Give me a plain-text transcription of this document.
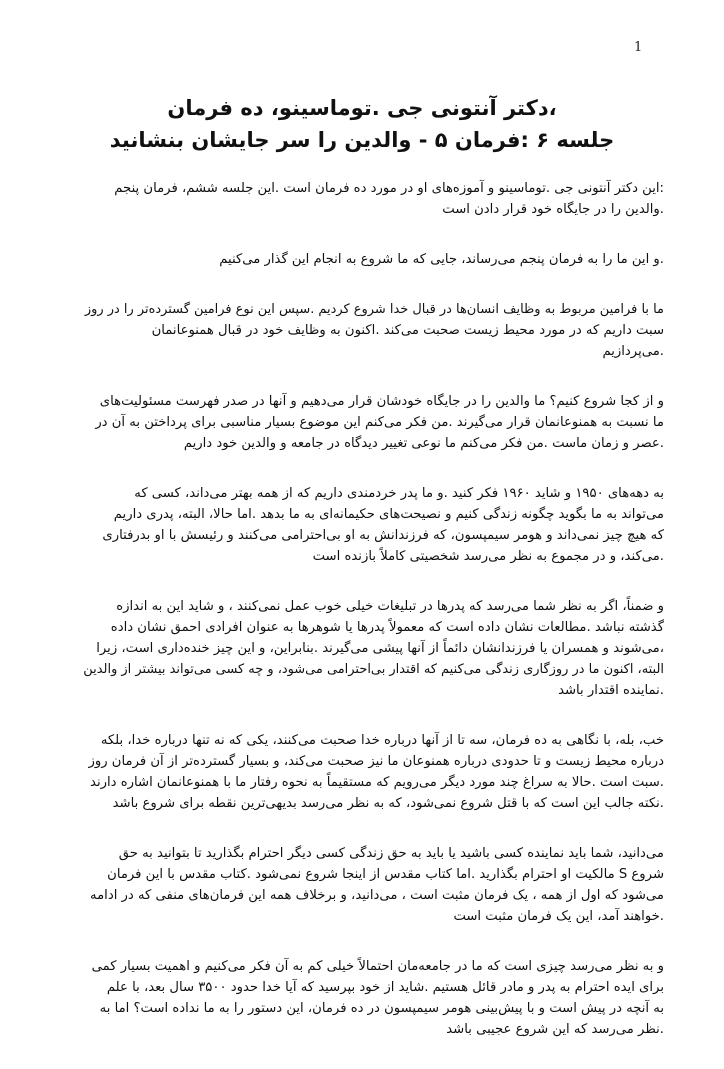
1
،دکتر آنتونی جی .توماسینو، ده فرمان
جلسه ۶ :فرمان ۵ - والدین را سر جایشان بنشانید
:این دکتر آنتونی جی .توماسینو و آموزه‌های او در مورد ده فرمان است .این جلسه ششم، فرمان پنجم
.والدین را در جایگاه خود قرار دادن است
.و این ما را به فرمان پنجم می‌رساند، جایی که ما شروع به انجام این گذار می‌کنیم
ما با فرامین مربوط به وظایف انسان‌ها در قبال خدا شروع کردیم .سپس این نوع فرامین گسترده‌تر را در روز
سبت داریم که در مورد محیط زیست صحبت می‌کند .اکنون به وظایف خود در قبال همنوعانمان
.می‌پردازیم
و از کجا شروع کنیم؟ ما والدین را در جایگاه خودشان قرار می‌دهیم و آنها در صدر فهرست مسئولیت‌های
ما نسبت به همنوعانمان قرار می‌گیرند .من فکر می‌کنم این موضوع بسیار مناسبی برای پرداختن به آن در
.عصر و زمان ماست .من فکر می‌کنم ما نوعی تغییر دیدگاه در جامعه و والدین خود داریم
به دهه‌های ۱۹۵۰ و شاید ۱۹۶۰ فکر کنید .و ما پدر خردمندی داریم که از همه بهتر می‌داند، کسی که
می‌تواند به ما بگوید چگونه زندگی کنیم و نصیحت‌های حکیمانه‌ای به ما بدهد .اما حالا، البته، پدری داریم
که هیچ چیز نمی‌داند و هومر سیمپسون، که فرزندانش به او بی‌احترامی می‌کنند و رئیسش با او بدرفتاری
.می‌کند، و در مجموع به نظر می‌رسد شخصیتی کاملاً بازنده است
و ضمناً، اگر به نظر شما می‌رسد که پدرها در تبلیغات خیلی خوب عمل نمی‌کنند ، و شاید این به اندازه
گذشته نباشد .مطالعات نشان داده است که معمولاً پدرها یا شوهرها به عنوان افرادی احمق نشان داده
،می‌شوند و همسران یا فرزندانشان دائماً از آنها پیشی می‌گیرند .بنابراین، و این چیز خنده‌داری است، زیرا
البته، اکنون ما در روزگاری زندگی می‌کنیم که اقتدار بی‌احترامی می‌شود، و چه کسی می‌تواند بیشتر از والدین
.نماینده اقتدار باشد
خب، بله، با نگاهی به ده فرمان، سه تا از آنها درباره خدا صحبت می‌کنند، یکی که نه تنها درباره خدا، بلکه
درباره محیط زیست و تا حدودی درباره همنوعان ما نیز صحبت می‌کند، و بسیار گسترده‌تر از آن فرمان روز
.سبت است .حالا به سراغ چند مورد دیگر می‌رویم که مستقیماً به نحوه رفتار ما با همنوعانمان اشاره دارند
.نکته جالب این است که با قتل شروع نمی‌شود، که به نظر می‌رسد بدیهی‌ترین نقطه برای شروع باشد
می‌دانید، شما باید نماینده کسی باشید یا باید به حق زندگی کسی دیگر احترام بگذارید تا بتوانید به حق
شروع S مالکیت او احترام بگذارید .اما کتاب مقدس از اینجا شروع نمی‌شود .کتاب مقدس با این فرمان
می‌شود که اول از همه ، یک فرمان مثبت است ، می‌دانید، و برخلاف همه این فرمان‌های منفی که در ادامه
.خواهند آمد، این یک فرمان مثبت است
و به نظر می‌رسد چیزی است که ما در جامعه‌مان احتمالاً خیلی کم به آن فکر می‌کنیم و اهمیت بسیار کمی
برای ایده احترام به پدر و مادر قائل هستیم .شاید از خود بپرسید که آیا خدا حدود ۳۵۰۰ سال بعد، با علم
به آنچه در پیش است و با پیش‌بینی هومر سیمپسون در ده فرمان، این دستور را به ما نداده است؟ اما به
.نظر می‌رسد که این شروع عجیبی باشد
